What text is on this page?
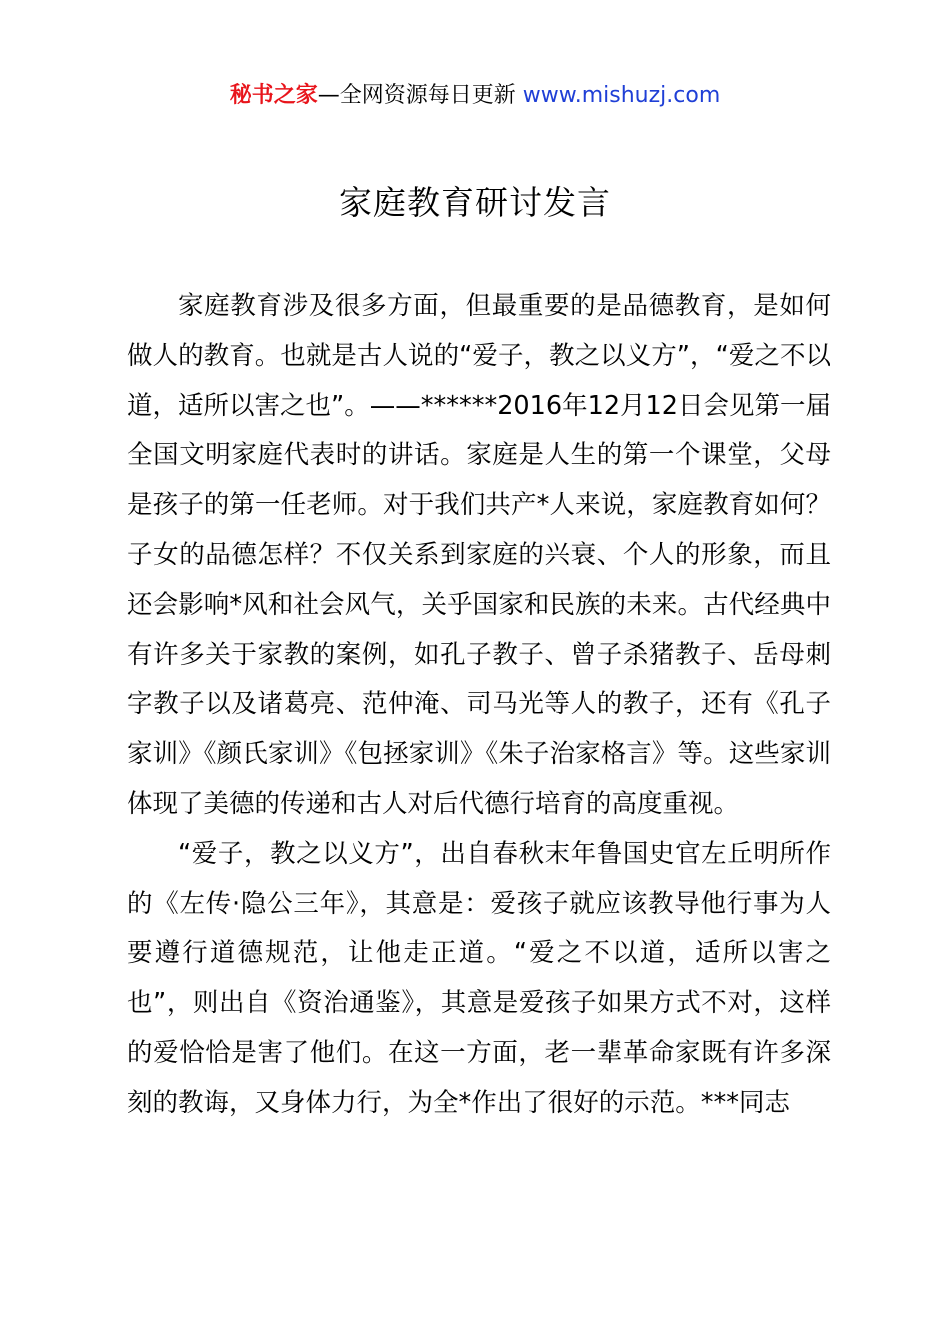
秘书之家—全网资源每日更新 www.mishuzj.com
家庭教育研讨发言

家庭教育涉及很多方面，但最重要的是品德教育，是如何做人的教育。也就是古人说的“爱子，教之以义方”，“爱之不以道，适所以害之也”。——******2016年12月12日会见第一届全国文明家庭代表时的讲话。家庭是人生的第一个课堂，父母是孩子的第一任老师。对于我们共产*人来说，家庭教育如何？子女的品德怎样？不仅关系到家庭的兴衰、个人的形象，而且还会影响*风和社会风气，关乎国家和民族的未来。古代经典中有许多关于家教的案例，如孔子教子、曾子杀猪教子、岳母刺字教子以及诸葛亮、范仲淹、司马光等人的教子，还有《孔子家训》《颜氏家训》《包拯家训》《朱子治家格言》等。这些家训体现了美德的传递和古人对后代德行培育的高度重视。

“爱子，教之以义方”，出自春秋末年鲁国史官左丘明所作的《左传·隐公三年》，其意是：爱孩子就应该教导他行事为人要遵行道德规范，让他走正道。“爱之不以道，适所以害之也”，则出自《资治通鉴》，其意是爱孩子如果方式不对，这样的爱恰恰是害了他们。在这一方面，老一辈革命家既有许多深刻的教诲，又身体力行，为全*作出了很好的示范。***同志
